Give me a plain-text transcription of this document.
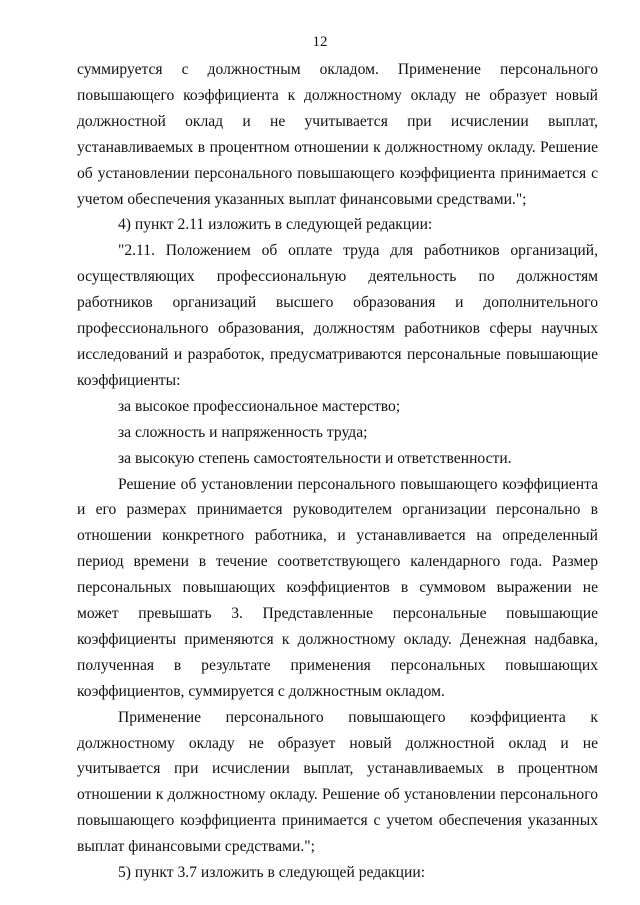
12

суммируется с должностным окладом. Применение персонального повышающего коэффициента к должностному окладу не образует новый должностной оклад и не учитывается при исчислении выплат, устанавливаемых в процентном отношении к должностному окладу. Решение об установлении персонального повышающего коэффициента принимается с учетом обеспечения указанных выплат финансовыми средствами.";

4) пункт 2.11 изложить в следующей редакции:

"2.11. Положением об оплате труда для работников организаций, осуществляющих профессиональную деятельность по должностям работников организаций высшего образования и дополнительного профессионального образования, должностям работников сферы научных исследований и разработок, предусматриваются персональные повышающие коэффициенты:

за высокое профессиональное мастерство;

за сложность и напряженность труда;

за высокую степень самостоятельности и ответственности.

Решение об установлении персонального повышающего коэффициента и его размерах принимается руководителем организации персонально в отношении конкретного работника, и устанавливается на определенный период времени в течение соответствующего календарного года. Размер персональных повышающих коэффициентов в суммовом выражении не может превышать 3. Представленные персональные повышающие коэффициенты применяются к должностному окладу. Денежная надбавка, полученная в результате применения персональных повышающих коэффициентов, суммируется с должностным окладом.

Применение персонального повышающего коэффициента к должностному окладу не образует новый должностной оклад и не учитывается при исчислении выплат, устанавливаемых в процентном отношении к должностному окладу. Решение об установлении персонального повышающего коэффициента принимается с учетом обеспечения указанных выплат финансовыми средствами.";

5) пункт 3.7 изложить в следующей редакции:
